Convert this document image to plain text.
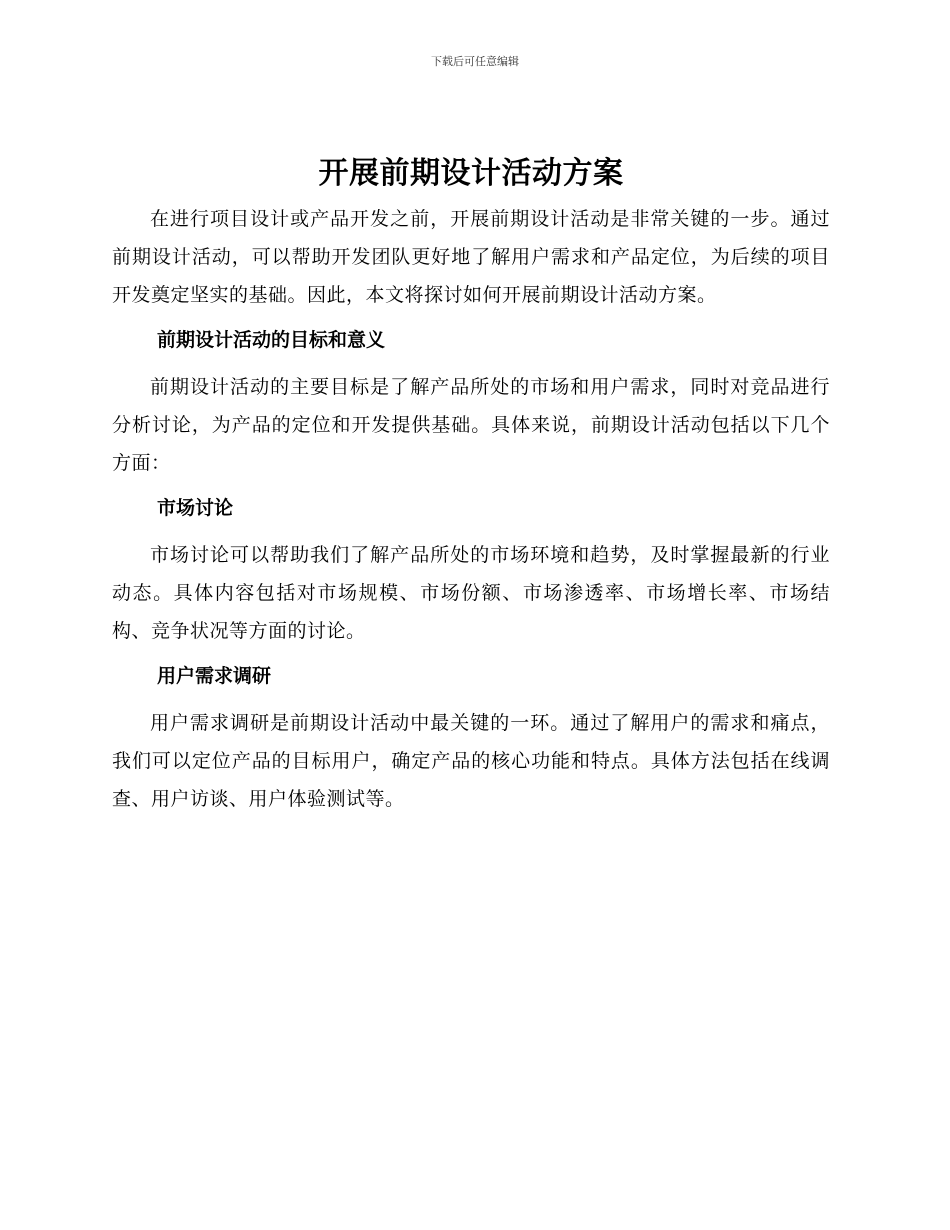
下载后可任意编辑
开展前期设计活动方案

在进行项目设计或产品开发之前，开展前期设计活动是非常关键的一步。通过前期设计活动，可以帮助开发团队更好地了解用户需求和产品定位，为后续的项目开发奠定坚实的基础。因此，本文将探讨如何开展前期设计活动方案。

前期设计活动的目标和意义

前期设计活动的主要目标是了解产品所处的市场和用户需求，同时对竞品进行分析讨论，为产品的定位和开发提供基础。具体来说，前期设计活动包括以下几个方面：

市场讨论

市场讨论可以帮助我们了解产品所处的市场环境和趋势，及时掌握最新的行业动态。具体内容包括对市场规模、市场份额、市场渗透率、市场增长率、市场结构、竞争状况等方面的讨论。

用户需求调研

用户需求调研是前期设计活动中最关键的一环。通过了解用户的需求和痛点，我们可以定位产品的目标用户，确定产品的核心功能和特点。具体方法包括在线调查、用户访谈、用户体验测试等。
